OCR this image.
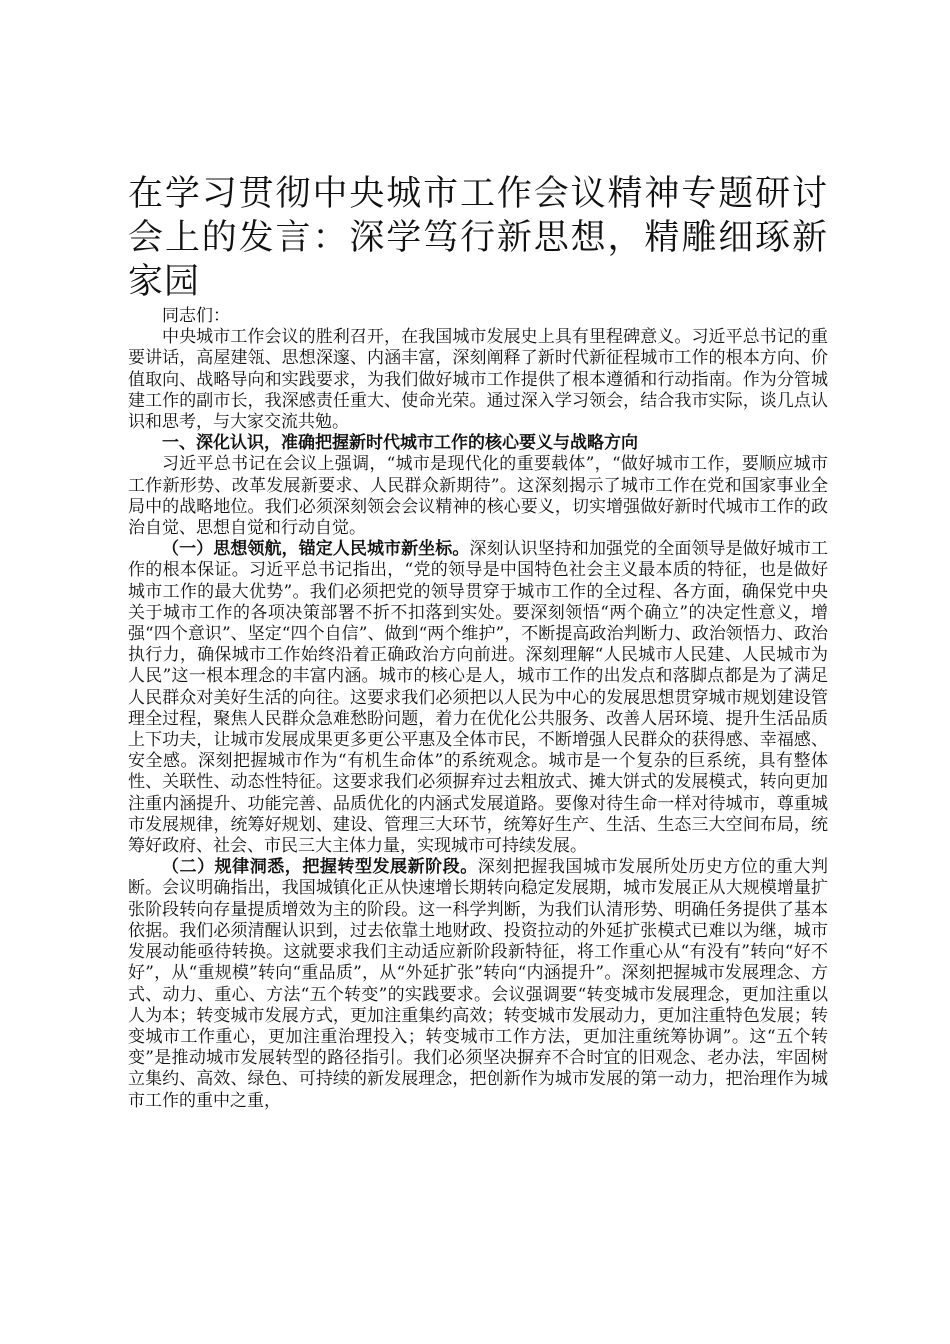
在学习贯彻中央城市工作会议精神专题研讨会上的发言：深学笃行新思想，精雕细琢新家园

同志们：

中央城市工作会议的胜利召开，在我国城市发展史上具有里程碑意义。习近平总书记的重要讲话，高屋建瓴、思想深邃、内涵丰富，深刻阐释了新时代新征程城市工作的根本方向、价值取向、战略导向和实践要求，为我们做好城市工作提供了根本遵循和行动指南。作为分管城建工作的副市长，我深感责任重大、使命光荣。通过深入学习领会，结合我市实际，谈几点认识和思考，与大家交流共勉。

一、深化认识，准确把握新时代城市工作的核心要义与战略方向

习近平总书记在会议上强调，“城市是现代化的重要载体”，“做好城市工作，要顺应城市工作新形势、改革发展新要求、人民群众新期待”。这深刻揭示了城市工作在党和国家事业全局中的战略地位。我们必须深刻领会会议精神的核心要义，切实增强做好新时代城市工作的政治自觉、思想自觉和行动自觉。

（一）思想领航，锚定人民城市新坐标。深刻认识坚持和加强党的全面领导是做好城市工作的根本保证。习近平总书记指出，“党的领导是中国特色社会主义最本质的特征，也是做好城市工作的最大优势”。我们必须把党的领导贯穿于城市工作的全过程、各方面，确保党中央关于城市工作的各项决策部署不折不扣落到实处。要深刻领悟“两个确立”的决定性意义，增强“四个意识”、坚定“四个自信”、做到“两个维护”，不断提高政治判断力、政治领悟力、政治执行力，确保城市工作始终沿着正确政治方向前进。深刻理解“人民城市人民建、人民城市为人民”这一根本理念的丰富内涵。城市的核心是人，城市工作的出发点和落脚点都是为了满足人民群众对美好生活的向往。这要求我们必须把以人民为中心的发展思想贯穿城市规划建设管理全过程，聚焦人民群众急难愁盼问题，着力在优化公共服务、改善人居环境、提升生活品质上下功夫，让城市发展成果更多更公平惠及全体市民，不断增强人民群众的获得感、幸福感、安全感。深刻把握城市作为“有机生命体”的系统观念。城市是一个复杂的巨系统，具有整体性、关联性、动态性特征。这要求我们必须摒弃过去粗放式、摊大饼式的发展模式，转向更加注重内涵提升、功能完善、品质优化的内涵式发展道路。要像对待生命一样对待城市，尊重城市发展规律，统筹好规划、建设、管理三大环节，统筹好生产、生活、生态三大空间布局，统筹好政府、社会、市民三大主体力量，实现城市可持续发展。

（二）规律洞悉，把握转型发展新阶段。深刻把握我国城市发展所处历史方位的重大判断。会议明确指出，我国城镇化正从快速增长期转向稳定发展期，城市发展正从大规模增量扩张阶段转向存量提质增效为主的阶段。这一科学判断，为我们认清形势、明确任务提供了基本依据。我们必须清醒认识到，过去依靠土地财政、投资拉动的外延扩张模式已难以为继，城市发展动能亟待转换。这就要求我们主动适应新阶段新特征，将工作重心从“有没有”转向“好不好”，从“重规模”转向“重品质”，从“外延扩张”转向“内涵提升”。深刻把握城市发展理念、方式、动力、重心、方法“五个转变”的实践要求。会议强调要“转变城市发展理念，更加注重以人为本；转变城市发展方式，更加注重集约高效；转变城市发展动力，更加注重特色发展；转变城市工作重心，更加注重治理投入；转变城市工作方法，更加注重统筹协调”。这“五个转变”是推动城市发展转型的路径指引。我们必须坚决摒弃不合时宜的旧观念、老办法，牢固树立集约、高效、绿色、可持续的新发展理念，把创新作为城市发展的第一动力，把治理作为城市工作的重中之重，
